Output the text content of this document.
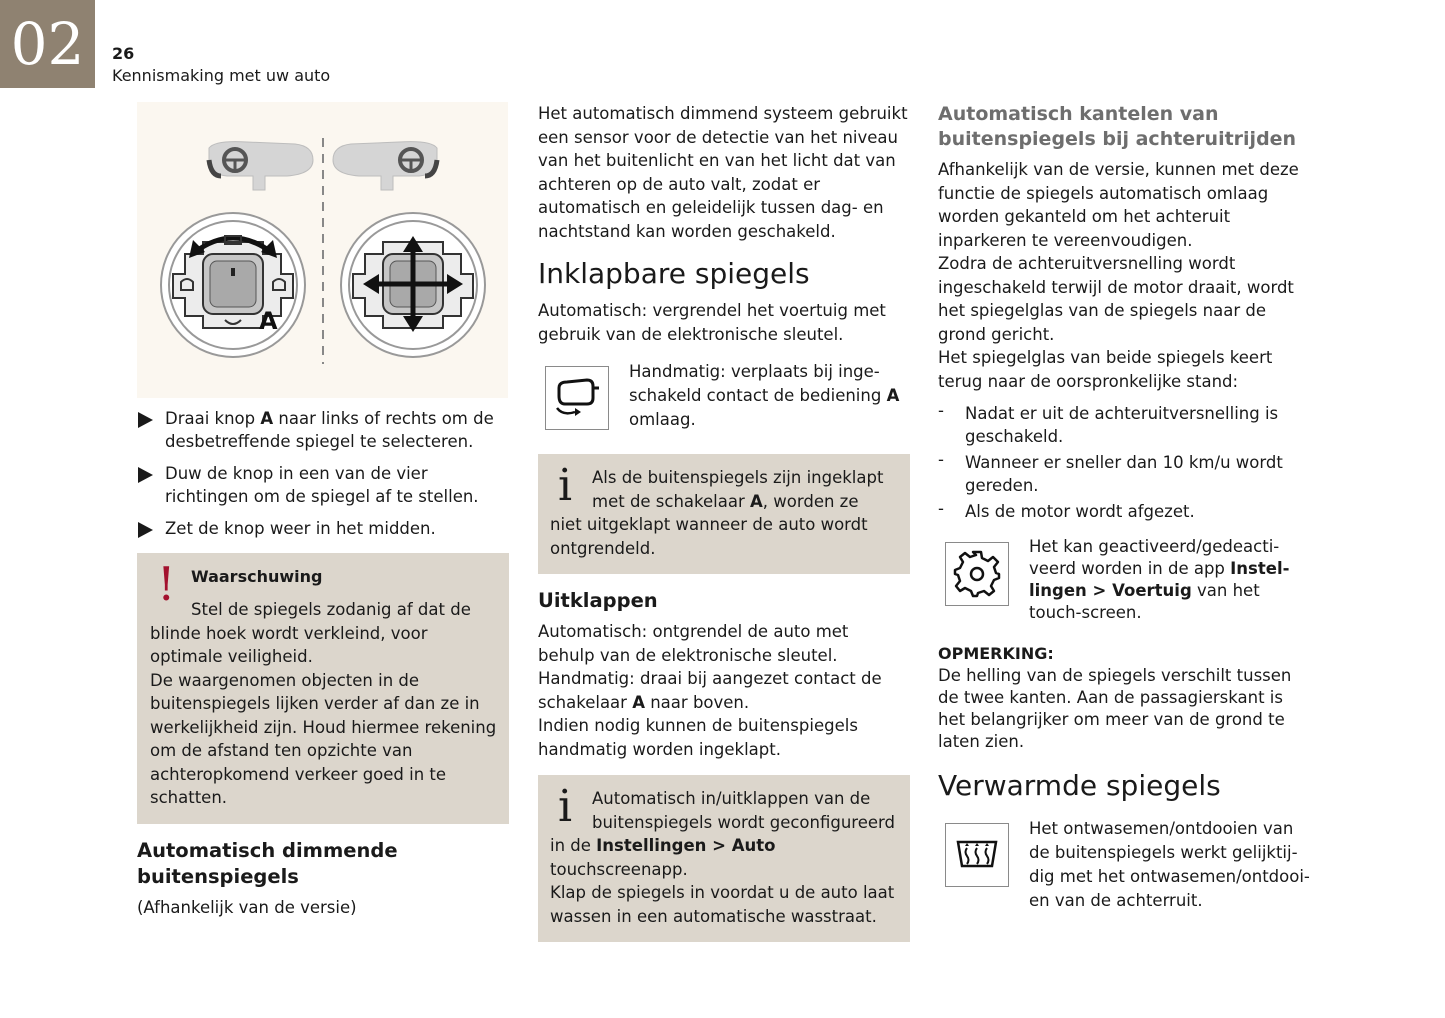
02	26
Kennismaking met uw auto
A
Draai knop A naar links of rechts om de desbetreffende spiegel te selecteren.
Duw de knop in een van de vier richtingen om de spiegel af te stellen.
Zet de knop weer in het midden.
! Waarschuwing

Stel de spiegels zodanig af dat de

blinde hoek wordt verkleind, voor optimale veiligheid.

De waargenomen objecten in de buitenspiegels lijken verder af dan ze in werkelijkheid zijn. Houd hiermee rekening om de afstand ten opzichte van achteropkomend verkeer goed in te schatten.

Automatisch dimmende buitenspiegels

(Afhankelijk van de versie)

Het automatisch dimmend systeem gebruikt een sensor voor de detectie van het niveau van het buitenlicht en van het licht dat van achteren op de auto valt, zodat er automatisch en geleidelijk tussen dag- en nachtstand kan worden geschakeld.

Inklapbare spiegels

Automatisch: vergrendel het voertuig met gebruik van de elektronische sleutel.

Handmatig: verplaats bij inge-schakeld contact de bediening A omlaag.

i	Als de buitenspiegels zijn ingeklapt met de schakelaar A, worden ze

niet uitgeklapt wanneer de auto wordt ontgrendeld.

Uitklappen

Automatisch: ontgrendel de auto met behulp van de elektronische sleutel.

Handmatig: draai bij aangezet contact de schakelaar A naar boven.

Indien nodig kunnen de buitenspiegels handmatig worden ingeklapt.

i	Automatisch in/uitklappen van de buitenspiegels wordt geconfigureerd

in de Instellingen > Auto touchscreenapp.

Klap de spiegels in voordat u de auto laat wassen in een automatische wasstraat.

Automatisch kantelen van buitenspiegels bij achteruitrijden

Afhankelijk van de versie, kunnen met deze functie de spiegels automatisch omlaag worden gekanteld om het achteruit inparkeren te vereenvoudigen.

Zodra de achteruitversnelling wordt ingeschakeld terwijl de motor draait, wordt het spiegelglas van de spiegels naar de grond gericht.

Het spiegelglas van beide spiegels keert terug naar de oorspronkelijke stand:

- Nadat er uit de achteruitversnelling is geschakeld.
- Wanneer er sneller dan 10 km/u wordt gereden.
- Als de motor wordt afgezet.

Het kan geactiveerd/gedeacti-veerd worden in de app Instel-lingen > Voertuig van het touch-screen.

OPMERKING:

De helling van de spiegels verschilt tussen de twee kanten. Aan de passagierskant is het belangrijker om meer van de grond te laten zien.

Verwarmde spiegels

Het ontwasemen/ontdooien van de buitenspiegels werkt gelijktij-dig met het ontwasemen/ontdooi-en van de achterruit.
